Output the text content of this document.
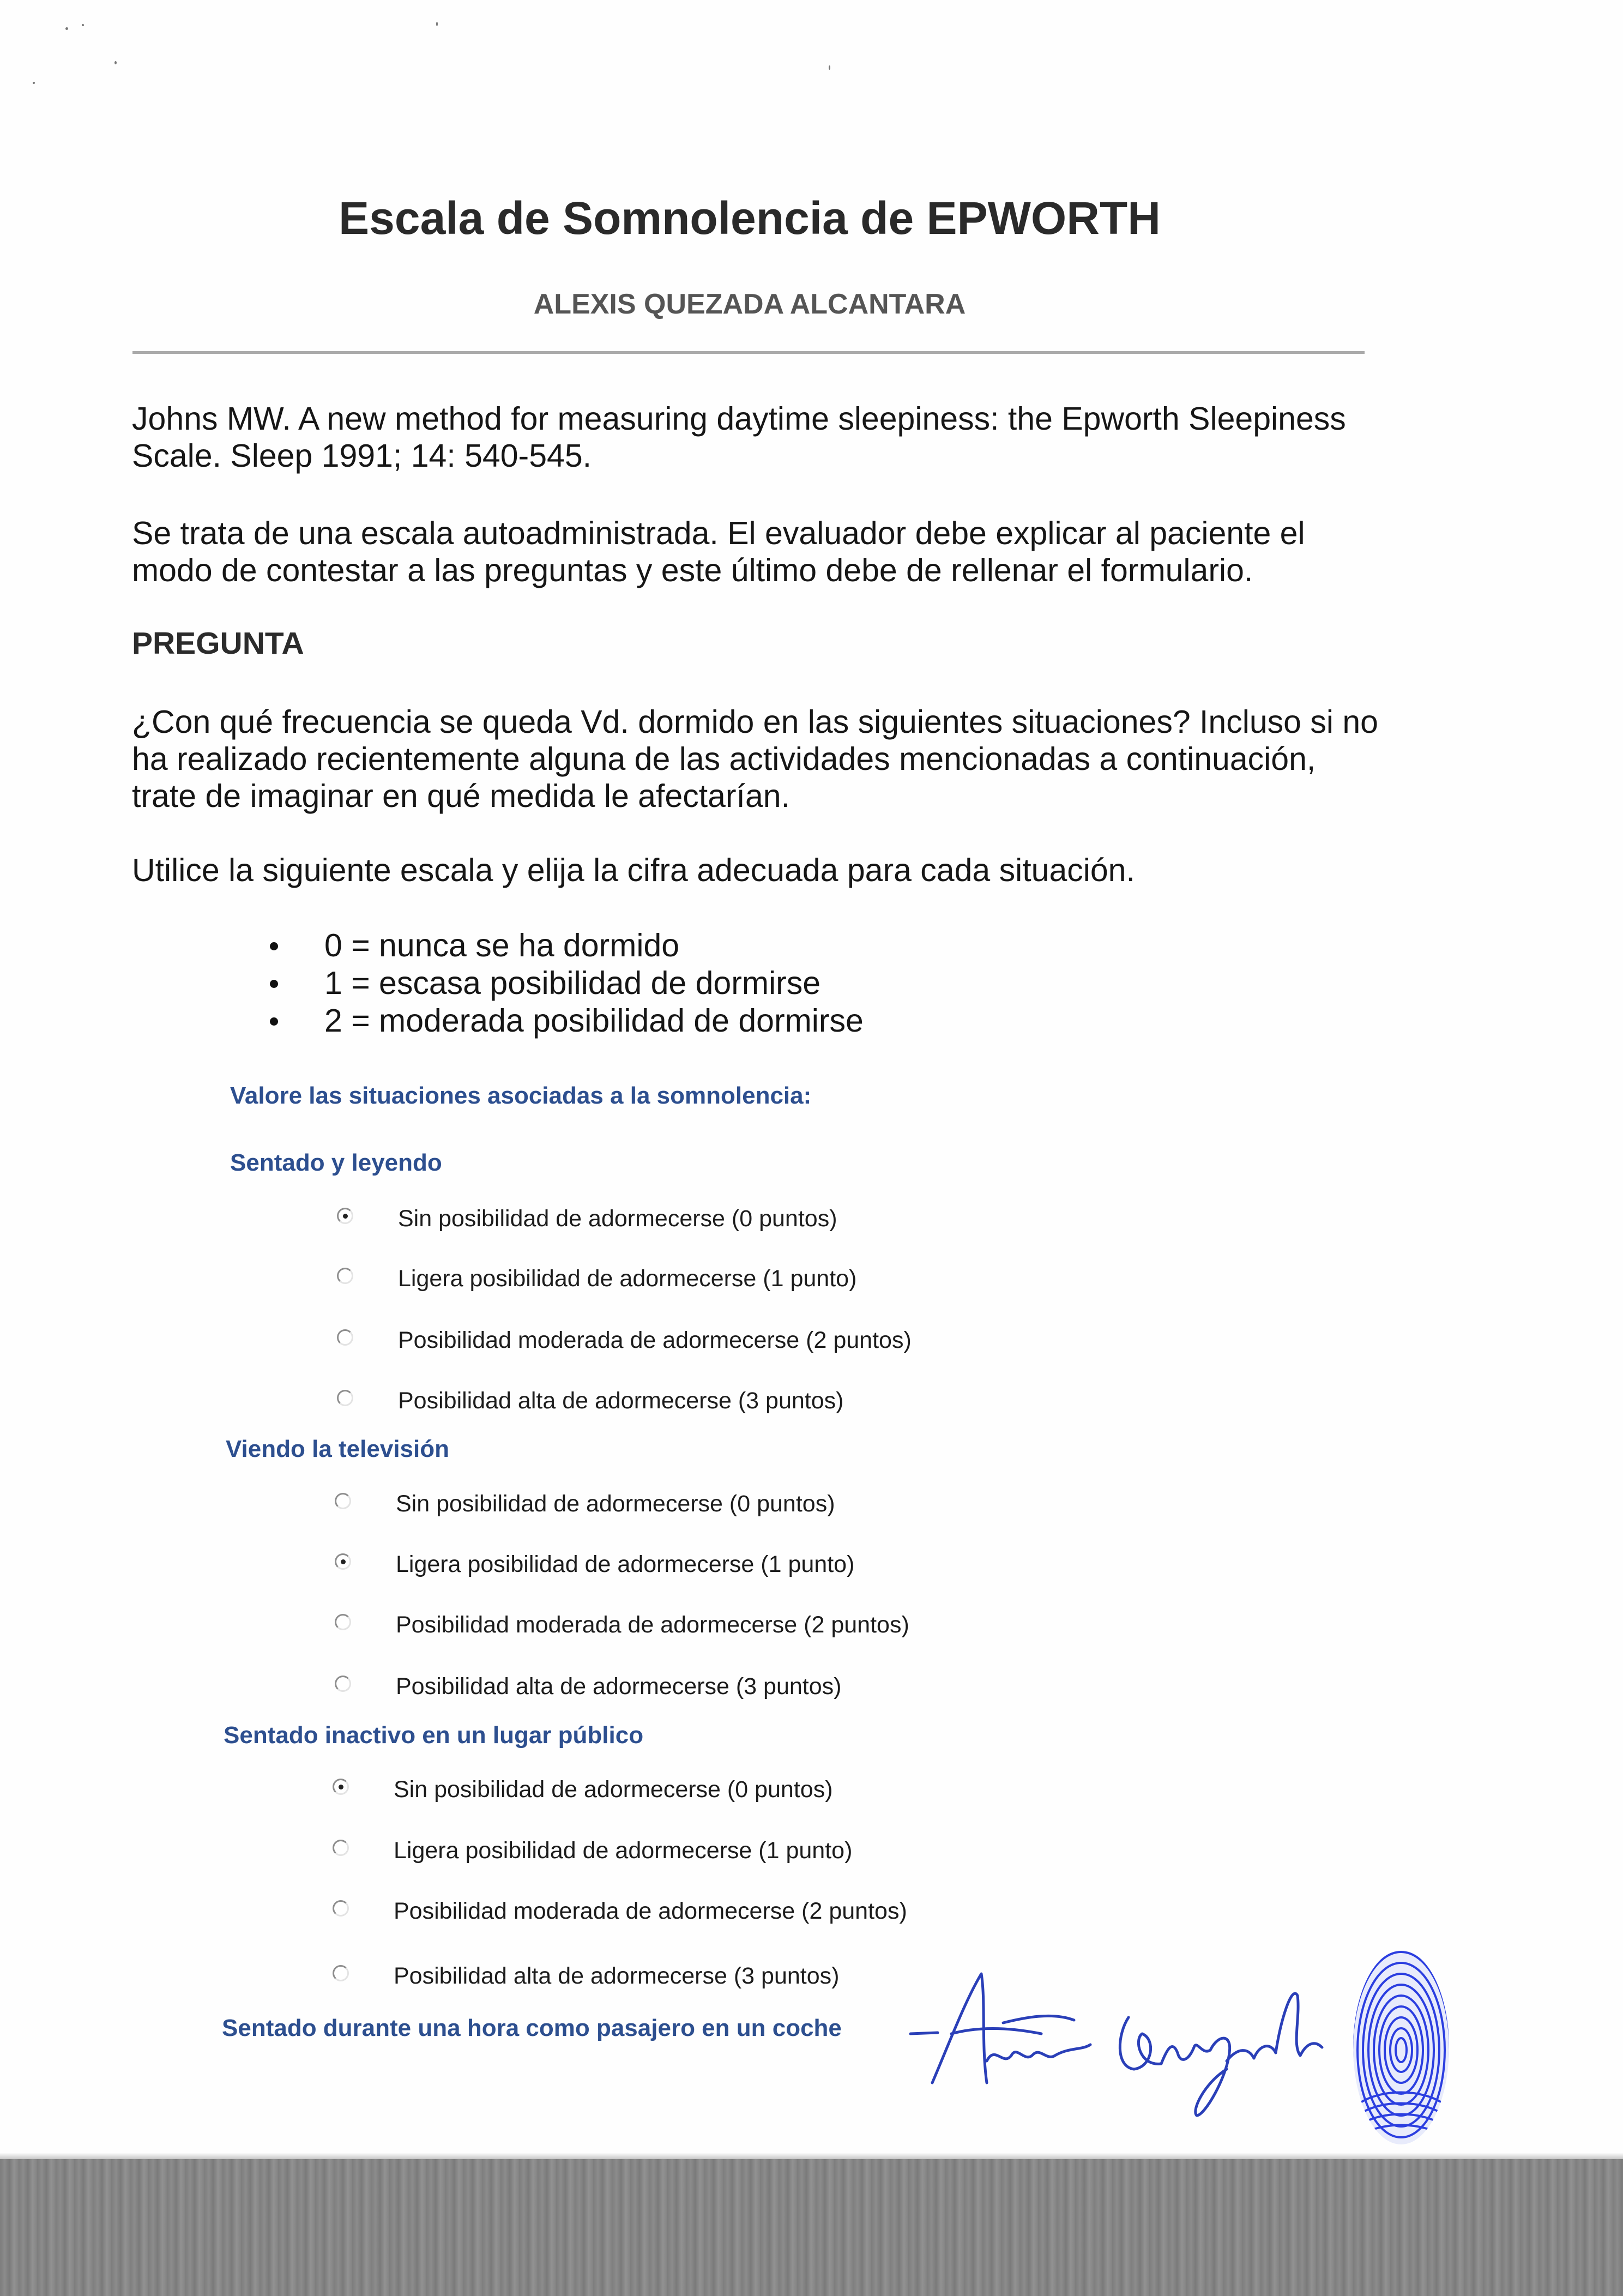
Escala de Somnolencia de EPWORTH
ALEXIS QUEZADA ALCANTARA
Johns MW. A new method for measuring daytime sleepiness: the Epworth Sleepiness Scale. Sleep 1991; 14: 540-545.
Se trata de una escala autoadministrada. El evaluador debe explicar al paciente el modo de contestar a las preguntas y este último debe de rellenar el formulario.
PREGUNTA
¿Con qué frecuencia se queda Vd. dormido en las siguientes situaciones? Incluso si no ha realizado recientemente alguna de las actividades mencionadas a continuación, trate de imaginar en qué medida le afectarían.
Utilice la siguiente escala y elija la cifra adecuada para cada situación.
0 = nunca se ha dormido
1 = escasa posibilidad de dormirse
2 = moderada posibilidad de dormirse
Valore las situaciones asociadas a la somnolencia:
Sentado y leyendo
Sin posibilidad de adormecerse (0 puntos)
Ligera posibilidad de adormecerse (1 punto)
Posibilidad moderada de adormecerse (2 puntos)
Posibilidad alta de adormecerse (3 puntos)
Viendo la televisión
Sin posibilidad de adormecerse (0 puntos)
Ligera posibilidad de adormecerse (1 punto)
Posibilidad moderada de adormecerse (2 puntos)
Posibilidad alta de adormecerse (3 puntos)
Sentado inactivo en un lugar público
Sin posibilidad de adormecerse (0 puntos)
Ligera posibilidad de adormecerse (1 punto)
Posibilidad moderada de adormecerse (2 puntos)
Posibilidad alta de adormecerse (3 puntos)
Sentado durante una hora como pasajero en un coche
